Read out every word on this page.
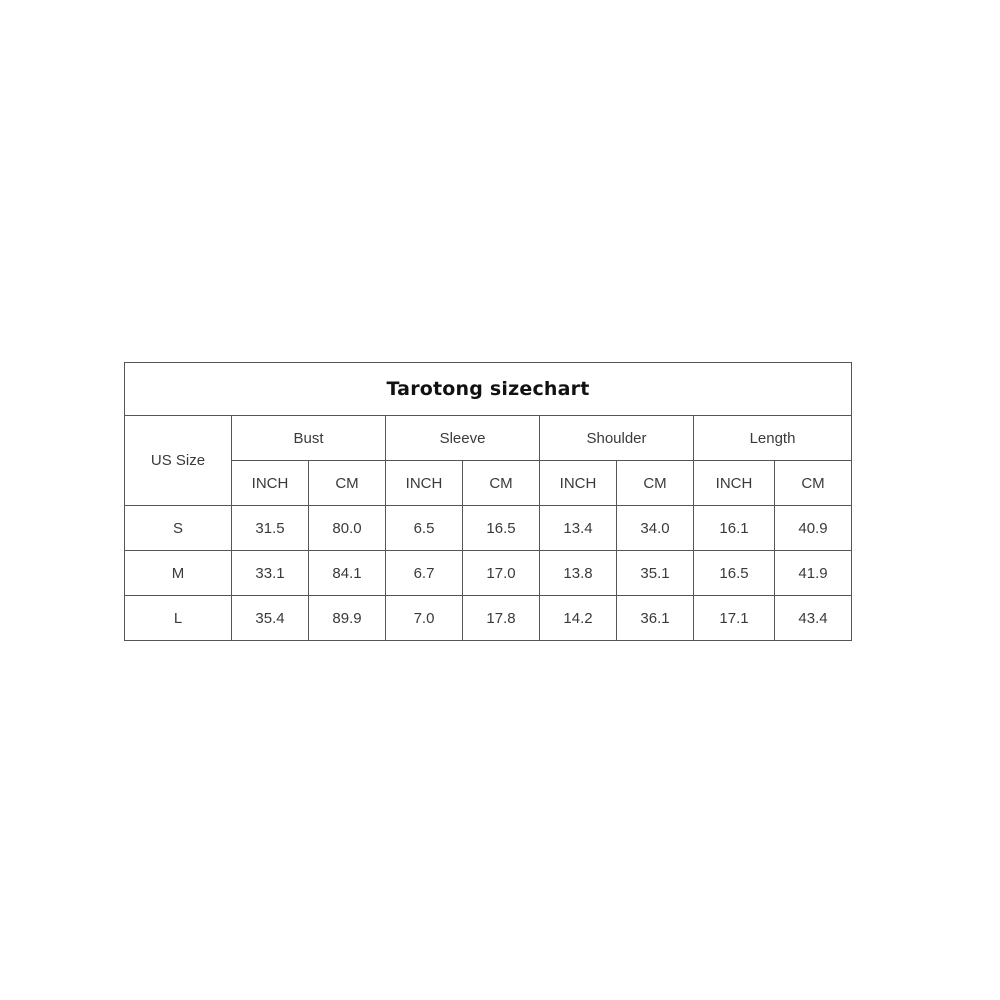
Tarotong sizechart								
US Size	Bust		Sleeve		Shoulder		Length	
	INCH	CM	INCH	CM	INCH	CM	INCH	CM
S	31.5	80.0	6.5	16.5	13.4	34.0	16.1	40.9
M	33.1	84.1	6.7	17.0	13.8	35.1	16.5	41.9
L	35.4	89.9	7.0	17.8	14.2	36.1	17.1	43.4
